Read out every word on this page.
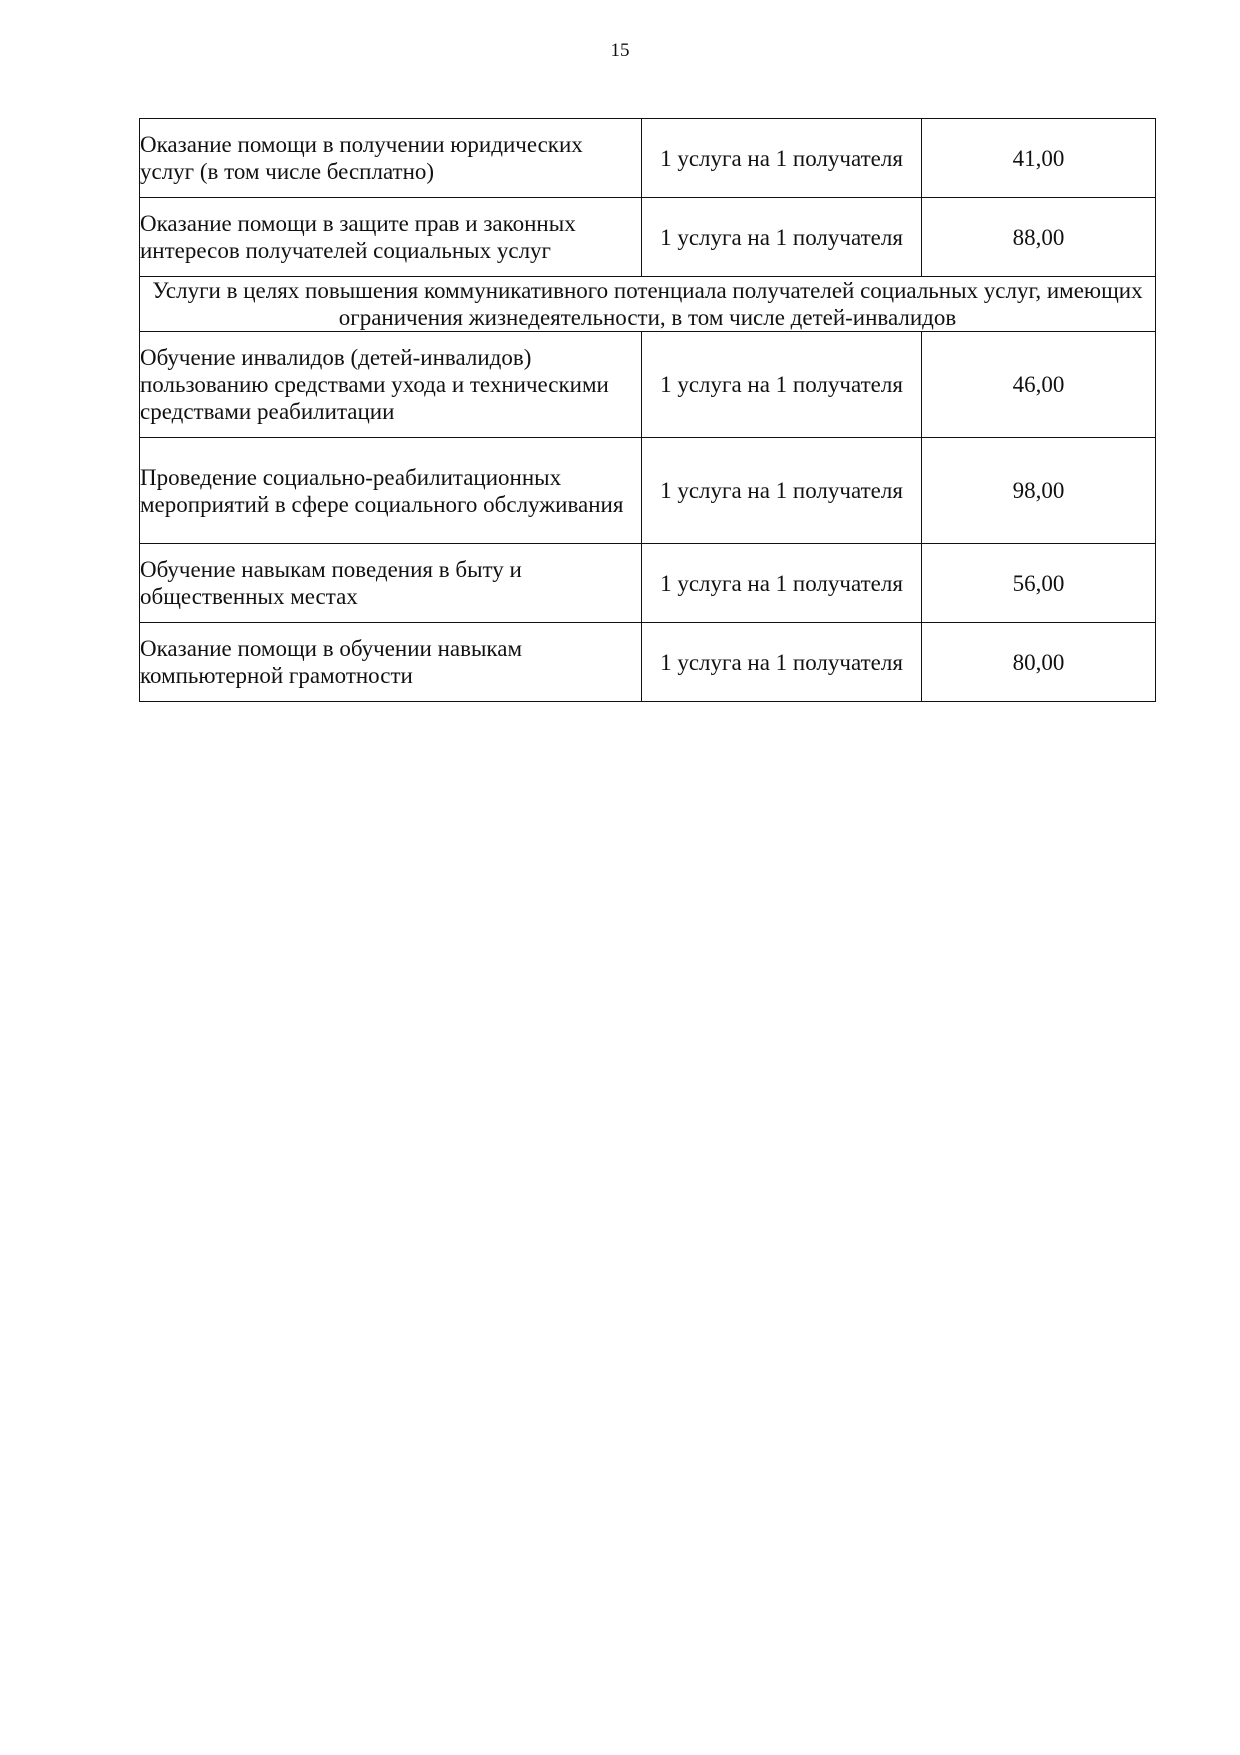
15
Оказание помощи в получении юридических услуг (в том числе бесплатно)	1 услуга на 1 получателя	41,00
Оказание помощи в защите прав и законных интересов получателей социальных услуг	1 услуга на 1 получателя	88,00
Услуги в целях повышения коммуникативного потенциала получателей социальных услуг, имеющих ограничения жизнедеятельности, в том числе детей-инвалидов		
Обучение инвалидов (детей-инвалидов) пользованию средствами ухода и техническими средствами реабилитации	1 услуга на 1 получателя	46,00
Проведение социально-реабилитационных мероприятий в сфере социального обслуживания	1 услуга на 1 получателя	98,00
Обучение навыкам поведения в быту и общественных местах	1 услуга на 1 получателя	56,00
Оказание помощи в обучении навыкам компьютерной грамотности	1 услуга на 1 получателя	80,00
